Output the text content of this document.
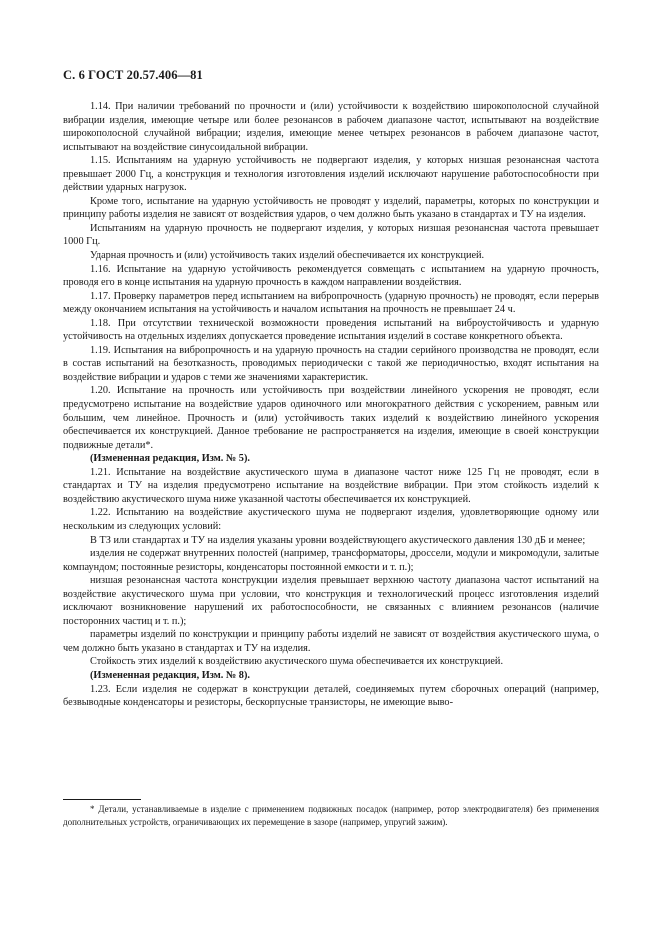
С. 6 ГОСТ 20.57.406—81

1.14. При наличии требований по прочности и (или) устойчивости к воздействию широкополосной случайной вибрации изделия, имеющие четыре или более резонансов в рабочем диапазоне частот, испытывают на воздействие широкополосной случайной вибрации; изделия, имеющие менее четырех резонансов в рабочем диапазоне частот, испытывают на воздействие синусоидальной вибрации.

1.15. Испытаниям на ударную устойчивость не подвергают изделия, у которых низшая резонансная частота превышает 2000 Гц, а конструкция и технология изготовления изделий исключают нарушение работоспособности при действии ударных нагрузок.

Кроме того, испытание на ударную устойчивость не проводят у изделий, параметры, которых по конструкции и принципу работы изделия не зависят от воздействия ударов, о чем должно быть указано в стандартах и ТУ на изделия.

Испытаниям на ударную прочность не подвергают изделия, у которых низшая резонансная частота превышает 1000 Гц.

Ударная прочность и (или) устойчивость таких изделий обеспечивается их конструкцией.

1.16. Испытание на ударную устойчивость рекомендуется совмещать с испытанием на ударную прочность, проводя его в конце испытания на ударную прочность в каждом направлении воздействия.

1.17. Проверку параметров перед испытанием на вибропрочность (ударную прочность) не проводят, если перерыв между окончанием испытания на устойчивость и началом испытания на прочность не превышает 24 ч.

1.18. При отсутствии технической возможности проведения испытаний на виброустойчивость и ударную устойчивость на отдельных изделиях допускается проведение испытания изделий в составе конкретного объекта.

1.19. Испытания на вибропрочность и на ударную прочность на стадии серийного производства не проводят, если в состав испытаний на безотказность, проводимых периодически с такой же периодичностью, входят испытания на воздействие вибрации и ударов с теми же значениями характеристик.

1.20. Испытание на прочность или устойчивость при воздействии линейного ускорения не проводят, если предусмотрено испытание на воздействие ударов одиночного или многократного действия с ускорением, равным или большим, чем линейное. Прочность и (или) устойчивость таких изделий к воздействию линейного ускорения обеспечивается их конструкцией. Данное требование не распространяется на изделия, имеющие в своей конструкции подвижные детали*.

(Измененная редакция, Изм. № 5).

1.21. Испытание на воздействие акустического шума в диапазоне частот ниже 125 Гц не проводят, если в стандартах и ТУ на изделия предусмотрено испытание на воздействие вибрации. При этом стойкость изделий к воздействию акустического шума ниже указанной частоты обеспечивается их конструкцией.

1.22. Испытанию на воздействие акустического шума не подвергают изделия, удовлетворяющие одному или нескольким из следующих условий:

В ТЗ или стандартах и ТУ на изделия указаны уровни воздействующего акустического давления 130 дБ и менее;

изделия не содержат внутренних полостей (например, трансформаторы, дроссели, модули и микромодули, залитые компаундом; постоянные резисторы, конденсаторы постоянной емкости и т. п.);

низшая резонансная частота конструкции изделия превышает верхнюю частоту диапазона частот испытаний на воздействие акустического шума при условии, что конструкция и технологический процесс изготовления изделий исключают возникновение нарушений их работоспособности, не связанных с влиянием резонансов (наличие посторонних частиц и т. п.);

параметры изделий по конструкции и принципу работы изделий не зависят от воздействия акустического шума, о чем должно быть указано в стандартах и ТУ на изделия.

Стойкость этих изделий к воздействию акустического шума обеспечивается их конструкцией.

(Измененная редакция, Изм. № 8).

1.23. Если изделия не содержат в конструкции деталей, соединяемых путем сборочных операций (например, безвыводные конденсаторы и резисторы, бескорпусные транзисторы, не имеющие выво-

* Детали, устанавливаемые в изделие с применением подвижных посадок (например, ротор электродвигателя) без применения дополнительных устройств, ограничивающих их перемещение в зазоре (например, упругий зажим).
